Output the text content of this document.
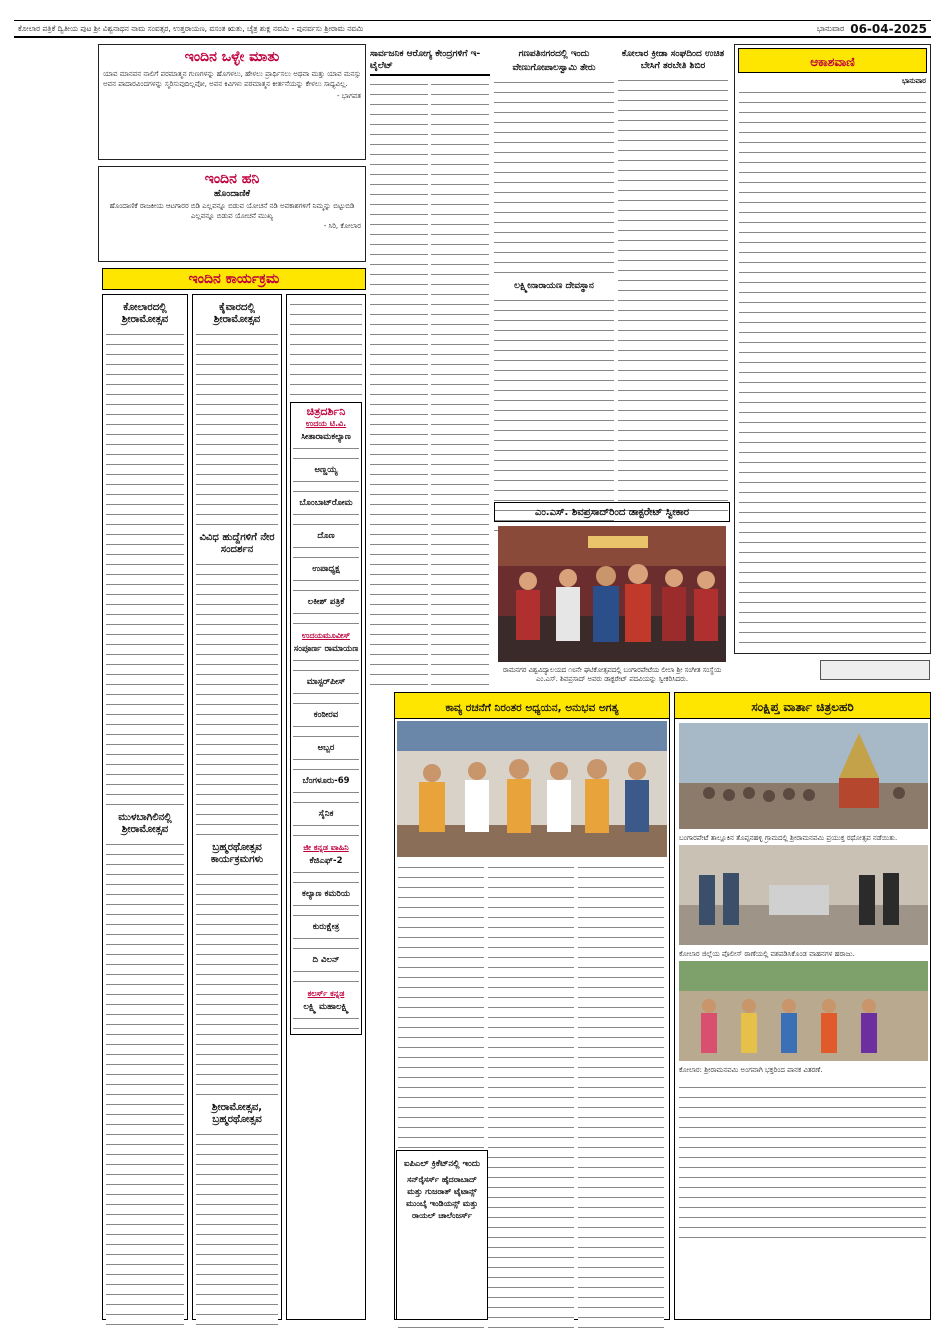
ಕೋಲಾರ ಪತ್ರಿಕೆ ದ್ವಿತೀಯ ಪುಟ ಶ್ರೀ ವಿಶ್ವನಾಥನ ನಾಮ ಸಂವತ್ಸರ, ಉತ್ತರಾಯಣ, ವಸಂತ ಋತು, ಚೈತ್ರ ಶುಕ್ಲ ನವಮಿ - ಪುನರ್ವಸು ಶ್ರೀರಾಮ ನವಮಿ	ಭಾನುವಾರ 06-04-2025
ಇಂದಿನ ಒಳ್ಳೇ ಮಾತು
ಯಾವ ಮಾನವನ ನಾಲಿಗೆ ಪರಮಾತ್ಮನ ಗುಣಗಳನ್ನು ಹೊಗಳಲು, ಹೇಳಲು ಪ್ರಾರ್ಥಿಸಲು ಅಥವಾ ಮತ್ತು ಯಾವ ಮನಸ್ಸು ಅವನ ಪಾದಾರವಿಂದಗಳನ್ನು ಸ್ಮರಿಸುವುದಿಲ್ಲವೋ, ಅವನ ಕಿವಿಗಳು ಪರಮಾತ್ಮನ ಕೀರ್ತನೆಯನ್ನು ಕೇಳಲು ಸಾಧ್ಯವಿಲ್ಲ.
- ಭಾಗವತ
ಇಂದಿನ ಹನಿ
ಹೊಂದಾಣಿಕೆ
ಹೊಂದಾಣಿಕೆ ರಾಜಕೀಯ ಆಟಗಾರರ ಬಿಡಿ ಎಲ್ಲವನ್ನೂ ಬಿಡುವ ಯೋಚನೆ ನಡಿ ಅವಕಾಶಗಳಿಗೆ ನಿಮ್ಮನ್ನು ಬಿಟ್ಟುಬಿಡಿ ಎಲ್ಲವನ್ನೂ ಬಿಡುವ ಯೋಚನೆ ಮುಖ್ಯ
- ಸಿರಿ, ಕೋಲಾರ
ಇಂದಿನ ಕಾರ್ಯಕ್ರಮ
ಕೋಲಾರದಲ್ಲಿ ಶ್ರೀರಾಮೋತ್ಸವ
ಮುಳಬಾಗಿಲಿನಲ್ಲಿ ಶ್ರೀರಾಮೋತ್ಸವ
ಕೈವಾರದಲ್ಲಿ ಶ್ರೀರಾಮೋತ್ಸವ
ವಿವಿಧ ಹುದ್ದೆಗಳಿಗೆ ನೇರ ಸಂದರ್ಶನ
ಬ್ರಹ್ಮರಥೋತ್ಸವ ಕಾರ್ಯಕ್ರಮಗಳು
ಶ್ರೀರಾಮೋತ್ಸವ, ಬ್ರಹ್ಮರಥೋತ್ಸವ
ಚಿತ್ರದರ್ಶಿನಿ
ಉದಯ ಟಿ.ವಿ.
ಸೀತಾರಾಮಕಲ್ಯಾಣ
ಅಣ್ಣಯ್ಯ
ಬೊಂಬಾಟ್‌ರೋಮ
ದೊಣ
ಉಪಾಧ್ಯಕ್ಷ
ಲಕೀಶ್ ಪತ್ರಿಕೆ
ಉದಯಮೂವೀಸ್
ಸಂಪೂರ್ಣ ರಾಮಾಯಣ
ಮಾಸ್ಟರ್‌ಪೀಸ್
ಕಂಠೀರವ
ಅಬ್ಬರ
ಬೆಂಗಳೂರು-69
ಸೈನಿಕ
ಜೀ ಕನ್ನಡ ವಾಹಿನಿ
ಕೆಜಿಎಫ್-2
ಕಲ್ಯಾಣ ಕಮರಿಯ
ಕುರುಕ್ಷೇತ್ರ
ದಿ ವಿಲನ್
ಕಲರ್ಸ್ ಕನ್ನಡ
ಲಕ್ಷ್ಮಿ ಮಹಾಲಕ್ಷ್ಮಿ
ಸಾರ್ವಜನಿಕ ಆರೋಗ್ಯ ಕೇಂದ್ರಗಳಿಗೆ ಇ-ಟೈಲೆಟ್
ಗಣಪತಿನಗರದಲ್ಲಿ ಇಂದು
ವೇಣುಗೋಪಾಲಸ್ವಾಮಿ ತೇರು
ಲಕ್ಷ್ಮೀನಾರಾಯಣ ದೇವಸ್ಥಾನ
ಕೋಲಾರ ಕ್ರೀಡಾ ಸಂಘದಿಂದ ಉಚಿತ ಬೇಸಿಗೆ ತರಬೇತಿ ಶಿಬಿರ
ಎಂ.ಎಸ್. ಶಿವಪ್ರಸಾದ್‌ರಿಂದ ಡಾಕ್ಟರೇಟ್ ಸ್ವೀಕಾರ
ರಾಮನಗರ ವಿಶ್ವವಿದ್ಯಾಲಯದ ೧೮ನೇ ಘಟಿಕೋತ್ಸವದಲ್ಲಿ ಬಂಗಾರಪೇಟೆಯ ಲೀಲಾ ಶ್ರೀ ಸಂಗೀತ ಸಂಸ್ಥೆಯ ಎಂ.ಎಸ್. ಶಿವಪ್ರಸಾದ್ ಅವರು ಡಾಕ್ಟರೇಟ್ ಪದವಿಯನ್ನು ಸ್ವೀಕರಿಸಿದರು.
ಆಕಾಶವಾಣಿ
ಭಾನುವಾರ
ಕಾವ್ಯ ರಚನೆಗೆ ನಿರಂತರ ಅಧ್ಯಯನ, ಅನುಭವ ಅಗತ್ಯ
ಐಪಿಎಲ್ ಕ್ರಿಕೆಟ್‌ನಲ್ಲಿ ಇಂದು
ಸನ್‌ರೈಸರ್ಸ್ ಹೈದರಾಬಾದ್ ಮತ್ತು ಗುಜರಾತ್ ಟೈಟಾನ್ಸ್ ಮುಂಬೈ ಇಂಡಿಯನ್ಸ್ ಮತ್ತು ರಾಯಲ್ ಚಾಲೆಂಜರ್ಸ್
ಸಂಕ್ಷಿಪ್ತ ವಾರ್ತಾ ಚಿತ್ರಲಹರಿ
ಬಂಗಾರಪೇಟೆ ತಾಲ್ಲೂಕಿನ ತೊಪ್ಪನಹಳ್ಳಿ ಗ್ರಾಮದಲ್ಲಿ ಶ್ರೀರಾಮನವಮಿ ಪ್ರಯುಕ್ತ ರಥೋತ್ಸವ ನಡೆಯಿತು.
ಕೋಲಾರ ಜಿಲ್ಲೆಯ ಪೊಲೀಸ್ ಠಾಣೆಯಲ್ಲಿ ವಶಪಡಿಸಿಕೊಂಡ ವಾಹನಗಳ ಹರಾಜು.
ಕೋಲಾರ: ಶ್ರೀರಾಮನವಮಿ ಅಂಗವಾಗಿ ಭಕ್ತರಿಂದ ಪಾನಕ ವಿತರಣೆ.
